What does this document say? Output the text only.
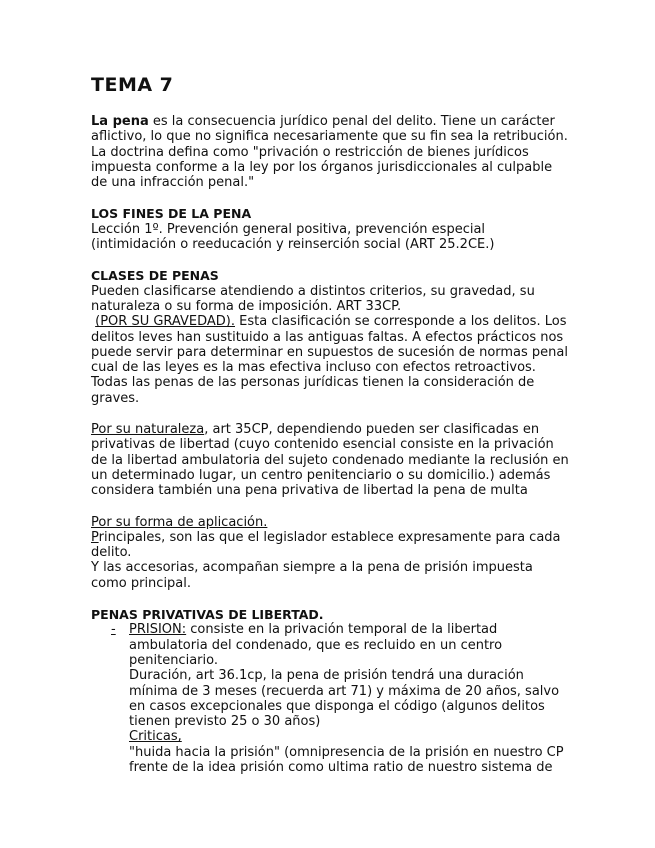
TEMA 7

La pena es la consecuencia jurídico penal del delito. Tiene un carácter aflictivo, lo que no significa necesariamente que su fin sea la retribución. La doctrina defina como "privación o restricción de bienes jurídicos impuesta conforme a la ley por los órganos jurisdiccionales al culpable de una infracción penal."

LOS FINES DE LA PENA

Lección 1º. Prevención general positiva, prevención especial (intimidación o reeducación y reinserción social (ART 25.2CE.)

CLASES DE PENAS

Pueden clasificarse atendiendo a distintos criterios, su gravedad, su naturaleza o su forma de imposición. ART 33CP.

(POR SU GRAVEDAD). Esta clasificación se corresponde a los delitos. Los delitos leves han sustituido a las antiguas faltas. A efectos prácticos nos puede servir para determinar en supuestos de sucesión de normas penal cual de las leyes es la mas efectiva incluso con efectos retroactivos. Todas las penas de las personas jurídicas tienen la consideración de graves.

Por su naturaleza, art 35CP, dependiendo pueden ser clasificadas en privativas de libertad (cuyo contenido esencial consiste en la privación de la libertad ambulatoria del sujeto condenado mediante la reclusión en un determinado lugar, un centro penitenciario o su domicilio.) además considera también una pena privativa de libertad la pena de multa

Por su forma de aplicación.

Principales, son las que el legislador establece expresamente para cada delito.

Y las accesorias, acompañan siempre a la pena de prisión impuesta como principal.

PENAS PRIVATIVAS DE LIBERTAD.

- PRISION: consiste en la privación temporal de la libertad ambulatoria del condenado, que es recluido en un centro penitenciario.

Duración, art 36.1cp, la pena de prisión tendrá una duración mínima de 3 meses (recuerda art 71) y máxima de 20 años, salvo en casos excepcionales que disponga el código (algunos delitos tienen previsto 25 o 30 años)

Criticas,

"huida hacia la prisión" (omnipresencia de la prisión en nuestro CP frente de la idea prisión como ultima ratio de nuestro sistema de
